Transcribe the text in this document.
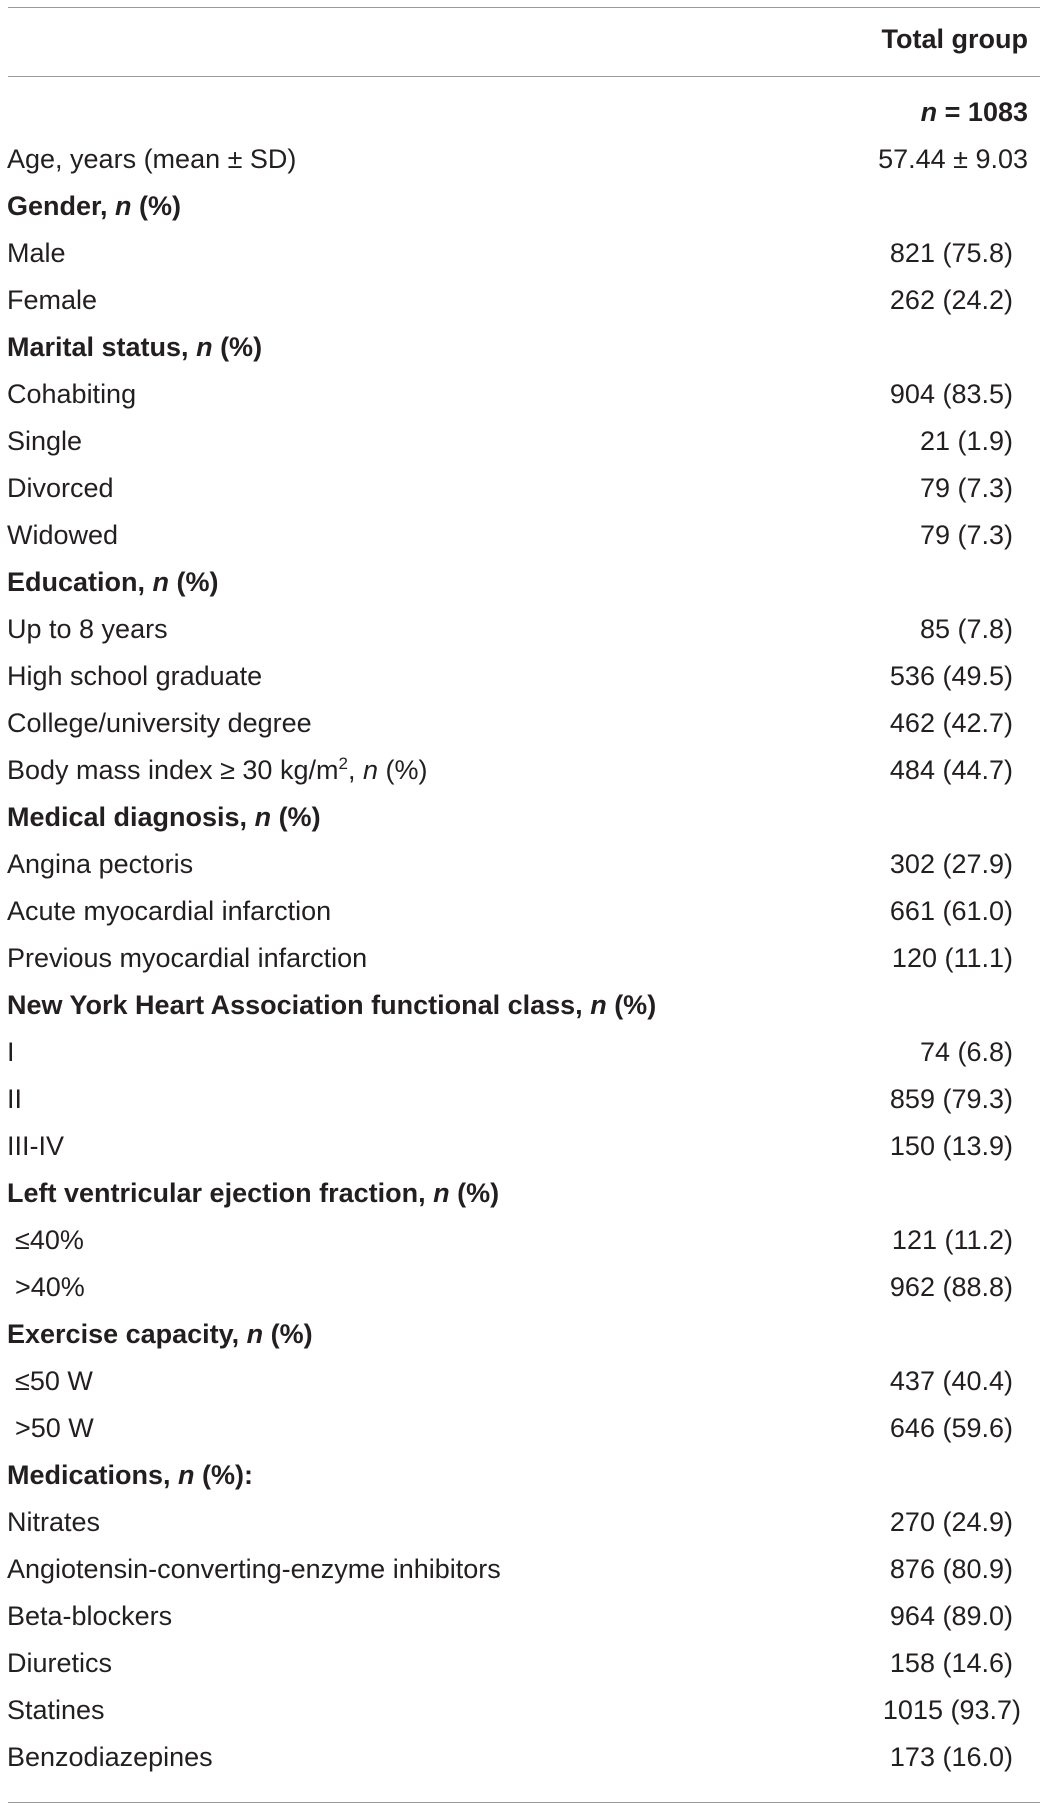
Total group
n = 1083
Age, years (mean ± SD)	57.44 ± 9.03
Gender, n (%)
Male	821 (75.8)
Female	262 (24.2)
Marital status, n (%)
Cohabiting	904 (83.5)
Single	21 (1.9)
Divorced	79 (7.3)
Widowed	79 (7.3)
Education, n (%)
Up to 8 years	85 (7.8)
High school graduate	536 (49.5)
College/university degree	462 (42.7)
Body mass index ≥ 30 $kg/m^2$, n (%)	484 (44.7)
Medical diagnosis, n (%)
Angina pectoris	302 (27.9)
Acute myocardial infarction	661 (61.0)
Previous myocardial infarction	120 (11.1)
New York Heart Association functional class, n (%)
I	74 (6.8)
II	859 (79.3)
III-IV	150 (13.9)
Left ventricular ejection fraction, n (%)
≤40%	121 (11.2)
>40%	962 (88.8)
Exercise capacity, n (%)
≤50 W	437 (40.4)
>50 W	646 (59.6)
Medications, n (%):
Nitrates	270 (24.9)
Angiotensin-converting-enzyme inhibitors	876 (80.9)
Beta-blockers	964 (89.0)
Diuretics	158 (14.6)
Statines	1015 (93.7)
Benzodiazepines	173 (16.0)
